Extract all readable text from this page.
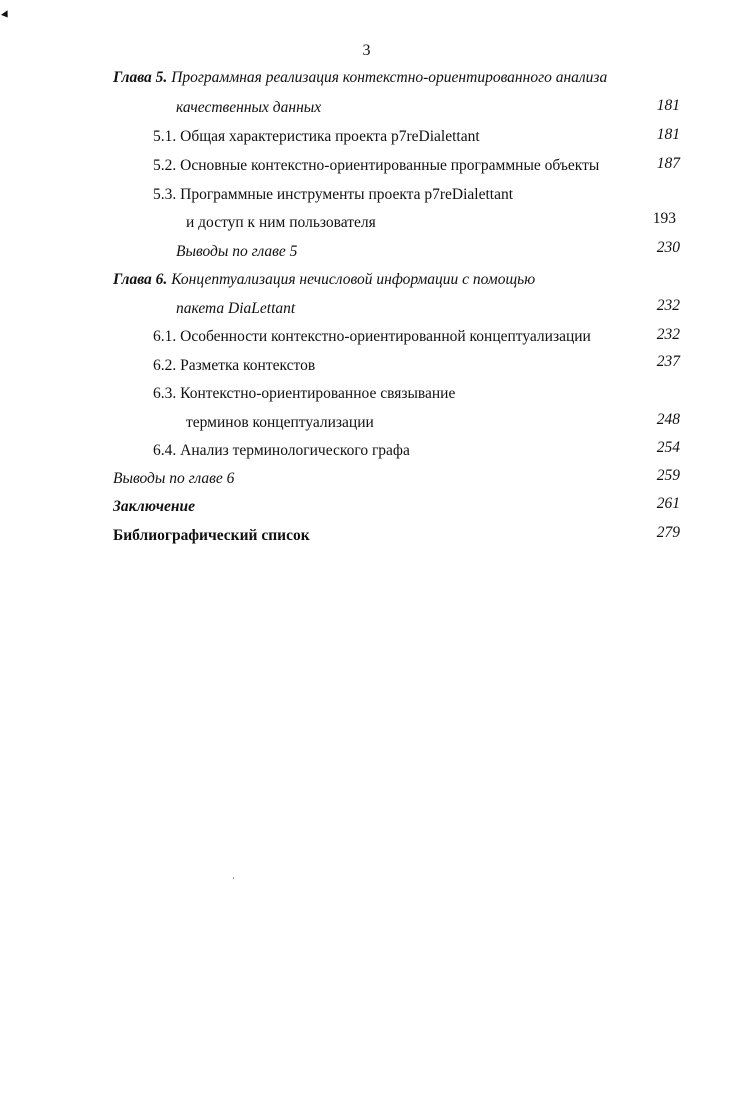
3
Глава 5. Программная реализация контекстно-ориентированного анализа
качественных данных	181
5.1. Общая характеристика проекта p7reDialettant	181
5.2. Основные контекстно-ориентированные программные объекты	187
5.3. Программные инструменты проекта p7reDialettant
и доступ к ним пользователя	193
Выводы по главе 5	230
Глава 6. Концептуализация нечисловой информации с помощью
пакета DiaLettant	232
6.1. Особенности контекстно-ориентированной концептуализации	232
6.2. Разметка контекстов	237
6.3. Контекстно-ориентированное связывание
терминов концептуализации	248
6.4. Анализ терминологического графа	254
Выводы по главе 6	259
Заключение	261
Библиографический список	279
